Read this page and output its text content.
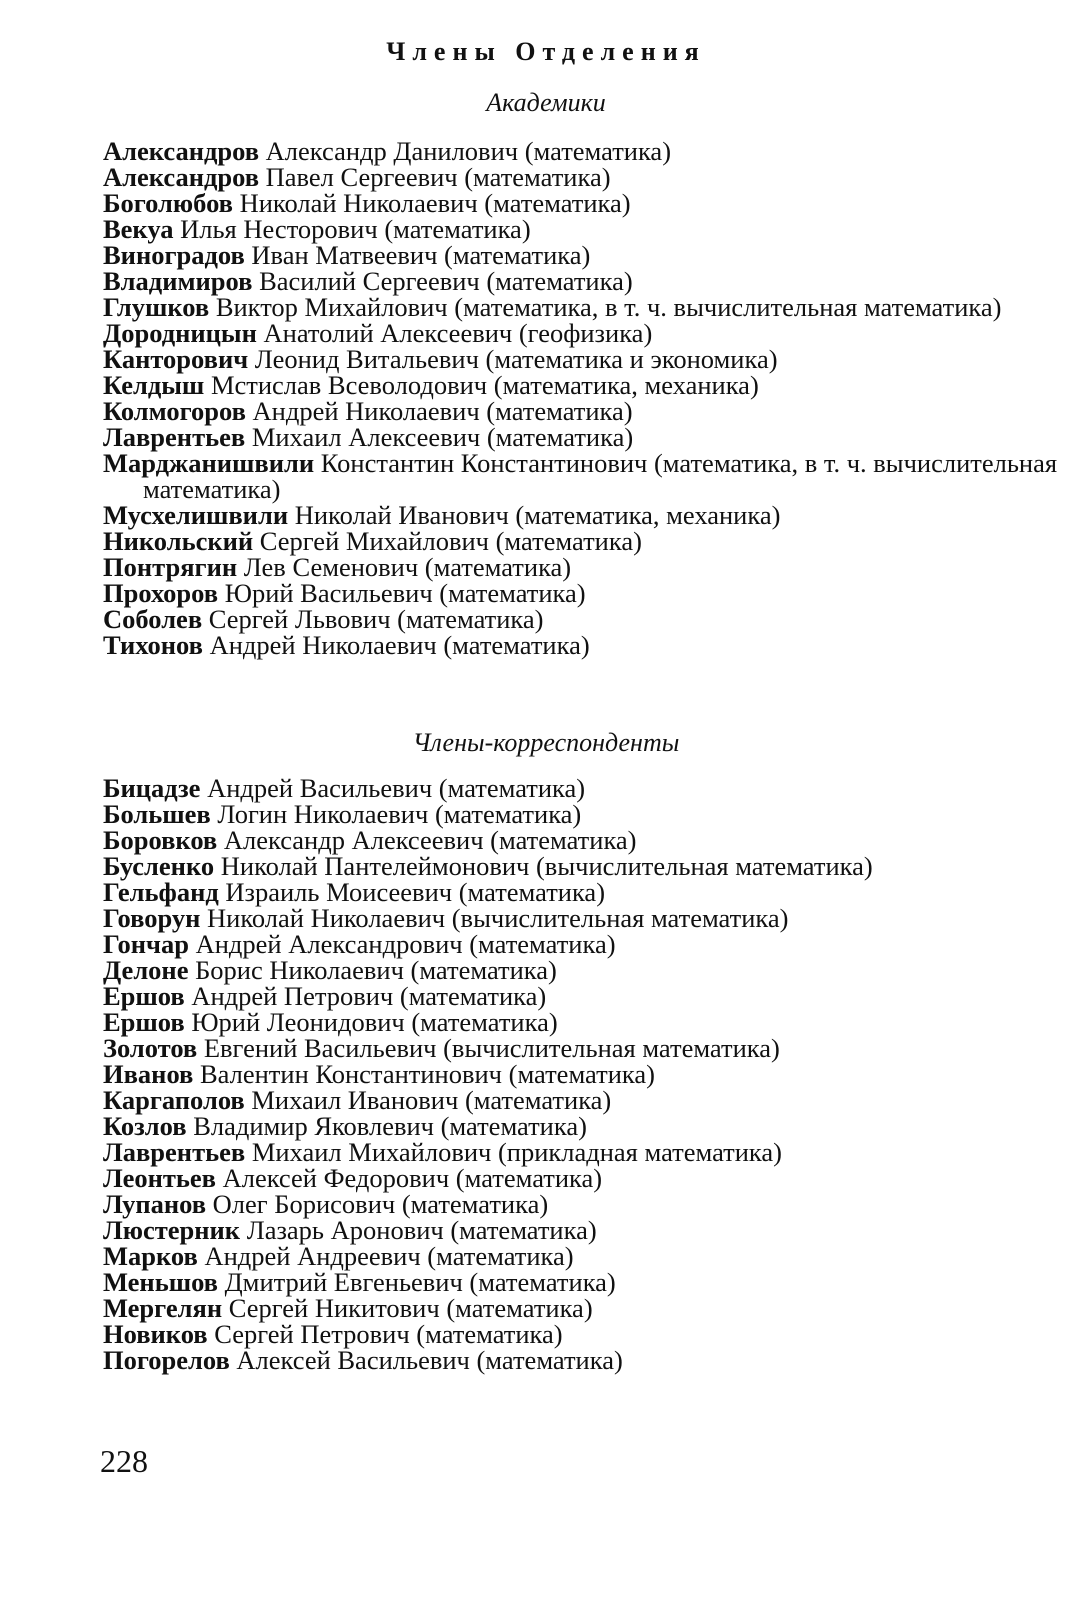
Члены Отделения
Академики
Александров Александр Данилович (математика)
Александров Павел Сергеевич (математика)
Боголюбов Николай Николаевич (математика)
Векуа Илья Несторович (математика)
Виноградов Иван Матвеевич (математика)
Владимиров Василий Сергеевич (математика)
Глушков Виктор Михайлович (математика, в т. ч. вычислительная математика)
Дородницын Анатолий Алексеевич (геофизика)
Канторович Леонид Витальевич (математика и экономика)
Келдыш Мстислав Всеволодович (математика, механика)
Колмогоров Андрей Николаевич (математика)
Лаврентьев Михаил Алексеевич (математика)
Марджанишвили Константин Константинович (математика, в т. ч. вычислительная математика)
Мусхелишвили Николай Иванович (математика, механика)
Никольский Сергей Михайлович (математика)
Понтрягин Лев Семенович (математика)
Прохоров Юрий Васильевич (математика)
Соболев Сергей Львович (математика)
Тихонов Андрей Николаевич (математика)
Члены-корреспонденты
Бицадзе Андрей Васильевич (математика)
Большев Логин Николаевич (математика)
Боровков Александр Алексеевич (математика)
Бусленко Николай Пантелеймонович (вычислительная математика)
Гельфанд Израиль Моисеевич (математика)
Говорун Николай Николаевич (вычислительная математика)
Гончар Андрей Александрович (математика)
Делоне Борис Николаевич (математика)
Ершов Андрей Петрович (математика)
Ершов Юрий Леонидович (математика)
Золотов Евгений Васильевич (вычислительная математика)
Иванов Валентин Константинович (математика)
Каргаполов Михаил Иванович (математика)
Козлов Владимир Яковлевич (математика)
Лаврентьев Михаил Михайлович (прикладная математика)
Леонтьев Алексей Федорович (математика)
Лупанов Олег Борисович (математика)
Люстерник Лазарь Аронович (математика)
Марков Андрей Андреевич (математика)
Меньшов Дмитрий Евгеньевич (математика)
Мергелян Сергей Никитович (математика)
Новиков Сергей Петрович (математика)
Погорелов Алексей Васильевич (математика)
228
